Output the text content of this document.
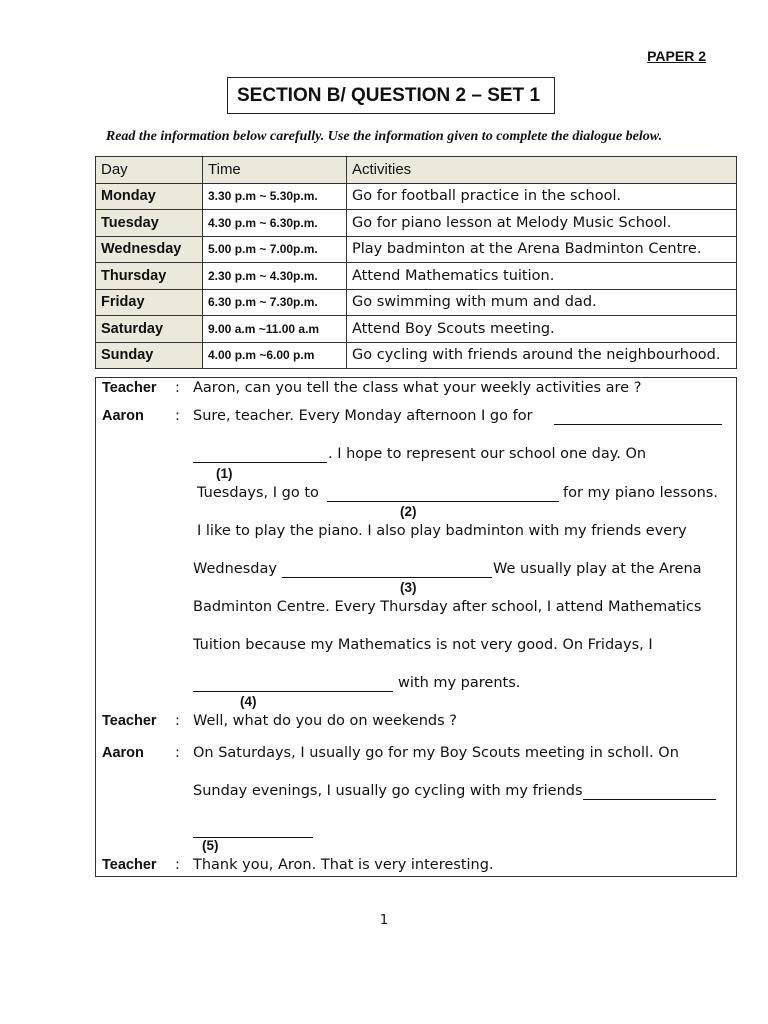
PAPER 2
SECTION B/ QUESTION 2 – SET 1
Read the information below carefully. Use the information given to complete the dialogue below.
Day	Time	Activities
Monday	3.30 p.m ~ 5.30p.m.	Go for football practice in the school.
Tuesday	4.30 p.m ~ 6.30p.m.	Go for piano lesson at Melody Music School.
Wednesday	5.00 p.m ~ 7.00p.m.	Play badminton at the Arena Badminton Centre.
Thursday	2.30 p.m ~ 4.30p.m.	Attend Mathematics tuition.
Friday	6.30 p.m ~ 7.30p.m.	Go swimming with mum and dad.
Saturday	9.00 a.m ~11.00 a.m	Attend Boy Scouts meeting.
Sunday	4.00 p.m ~6.00 p.m	Go cycling with friends around the neighbourhood.
Teacher : Aaron, can you tell the class what your weekly activities are ?
Aaron : Sure, teacher. Every Monday afternoon I go for
. I hope to represent our school one day. On
(1)
Tuesdays, I go to	for my piano lessons.
(2)
I like to play the piano. I also play badminton with my friends every
Wednesday	We usually play at the Arena
(3)
Badminton Centre. Every Thursday after school, I attend Mathematics
Tuition because my Mathematics is not very good. On Fridays, I
with my parents.
(4)
Teacher : Well, what do you do on weekends ?
Aaron : On Saturdays, I usually go for my Boy Scouts meeting in scholl. On
Sunday evenings, I usually go cycling with my friends
(5)
Teacher : Thank you, Aron. That is very interesting.
1
